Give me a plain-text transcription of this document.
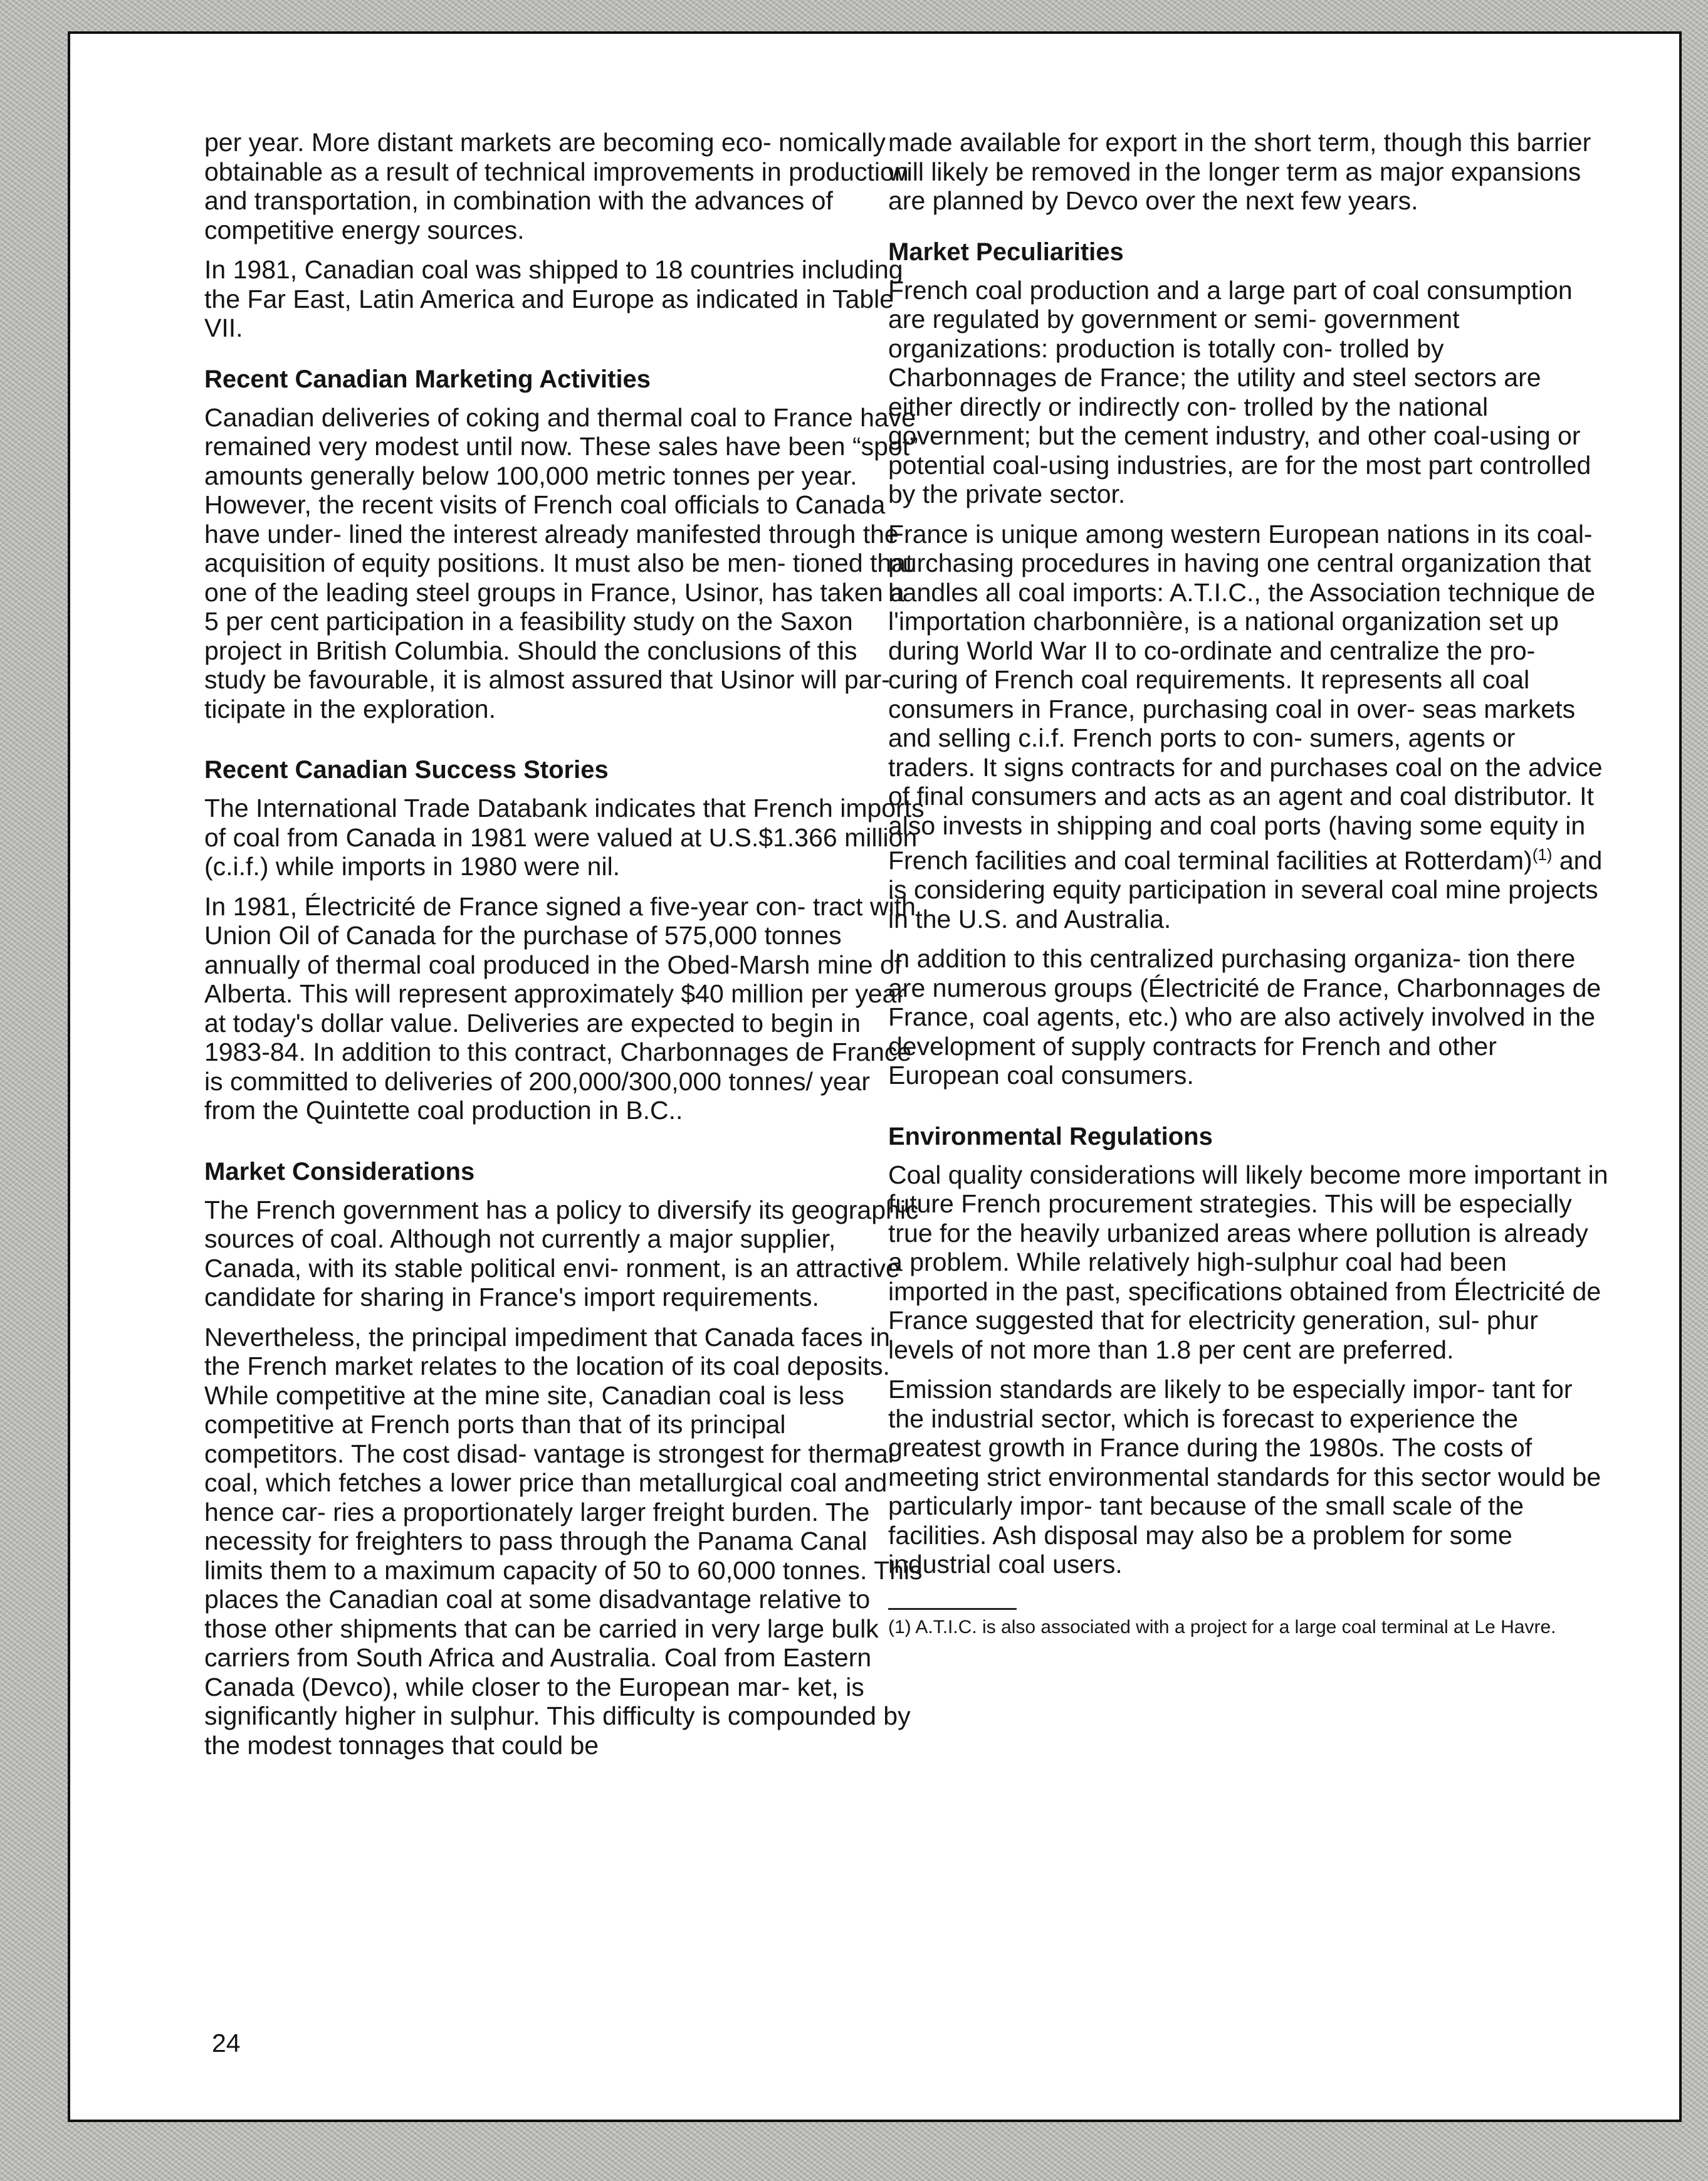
per year. More distant markets are becoming eco- nomically obtainable as a result of technical improvements in production and transportation, in combination with the advances of competitive energy sources.

In 1981, Canadian coal was shipped to 18 countries including the Far East, Latin America and Europe as indicated in Table VII.

Recent Canadian Marketing Activities

Canadian deliveries of coking and thermal coal to France have remained very modest until now. These sales have been “spot” amounts generally below 100,000 metric tonnes per year. However, the recent visits of French coal officials to Canada have under- lined the interest already manifested through the acquisition of equity positions. It must also be men- tioned that one of the leading steel groups in France, Usinor, has taken a 5 per cent participation in a feasibility study on the Saxon project in British Columbia. Should the conclusions of this study be favourable, it is almost assured that Usinor will par- ticipate in the exploration.

Recent Canadian Success Stories

The International Trade Databank indicates that French imports of coal from Canada in 1981 were valued at U.S.$1.366 million (c.i.f.) while imports in 1980 were nil.

In 1981, Électricité de France signed a five-year con- tract with Union Oil of Canada for the purchase of 575,000 tonnes annually of thermal coal produced in the Obed-Marsh mine of Alberta. This will represent approximately $40 million per year at today's dollar value. Deliveries are expected to begin in 1983-84. In addition to this contract, Charbonnages de France is committed to deliveries of 200,000/300,000 tonnes/ year from the Quintette coal production in B.C..

Market Considerations

The French government has a policy to diversify its geographic sources of coal. Although not currently a major supplier, Canada, with its stable political envi- ronment, is an attractive candidate for sharing in France's import requirements.

Nevertheless, the principal impediment that Canada faces in the French market relates to the location of its coal deposits. While competitive at the mine site, Canadian coal is less competitive at French ports than that of its principal competitors. The cost disad- vantage is strongest for thermal coal, which fetches a lower price than metallurgical coal and hence car- ries a proportionately larger freight burden. The necessity for freighters to pass through the Panama Canal limits them to a maximum capacity of 50 to 60,000 tonnes. This places the Canadian coal at some disadvantage relative to those other shipments that can be carried in very large bulk carriers from South Africa and Australia. Coal from Eastern Canada (Devco), while closer to the European mar- ket, is significantly higher in sulphur. This difficulty is compounded by the modest tonnages that could be

made available for export in the short term, though this barrier will likely be removed in the longer term as major expansions are planned by Devco over the next few years.

Market Peculiarities

French coal production and a large part of coal consumption are regulated by government or semi- government organizations: production is totally con- trolled by Charbonnages de France; the utility and steel sectors are either directly or indirectly con- trolled by the national government; but the cement industry, and other coal-using or potential coal-using industries, are for the most part controlled by the private sector.

France is unique among western European nations in its coal-purchasing procedures in having one central organization that handles all coal imports: A.T.I.C., the Association technique de l'importation charbonnière, is a national organization set up during World War II to co-ordinate and centralize the pro- curing of French coal requirements. It represents all coal consumers in France, purchasing coal in over- seas markets and selling c.i.f. French ports to con- sumers, agents or traders. It signs contracts for and purchases coal on the advice of final consumers and acts as an agent and coal distributor. It also invests in shipping and coal ports (having some equity in French facilities and coal terminal facilities at Rotterdam)$^{(1)}$ and is considering equity participation in several coal mine projects in the U.S. and Australia.

In addition to this centralized purchasing organiza- tion there are numerous groups (Électricité de France, Charbonnages de France, coal agents, etc.) who are also actively involved in the development of supply contracts for French and other European coal consumers.

Environmental Regulations

Coal quality considerations will likely become more important in future French procurement strategies. This will be especially true for the heavily urbanized areas where pollution is already a problem. While relatively high-sulphur coal had been imported in the past, specifications obtained from Électricité de France suggested that for electricity generation, sul- phur levels of not more than 1.8 per cent are preferred.

Emission standards are likely to be especially impor- tant for the industrial sector, which is forecast to experience the greatest growth in France during the 1980s. The costs of meeting strict environmental standards for this sector would be particularly impor- tant because of the small scale of the facilities. Ash disposal may also be a problem for some industrial coal users.

(1) A.T.I.C. is also associated with a project for a large coal terminal at Le Havre.
24
